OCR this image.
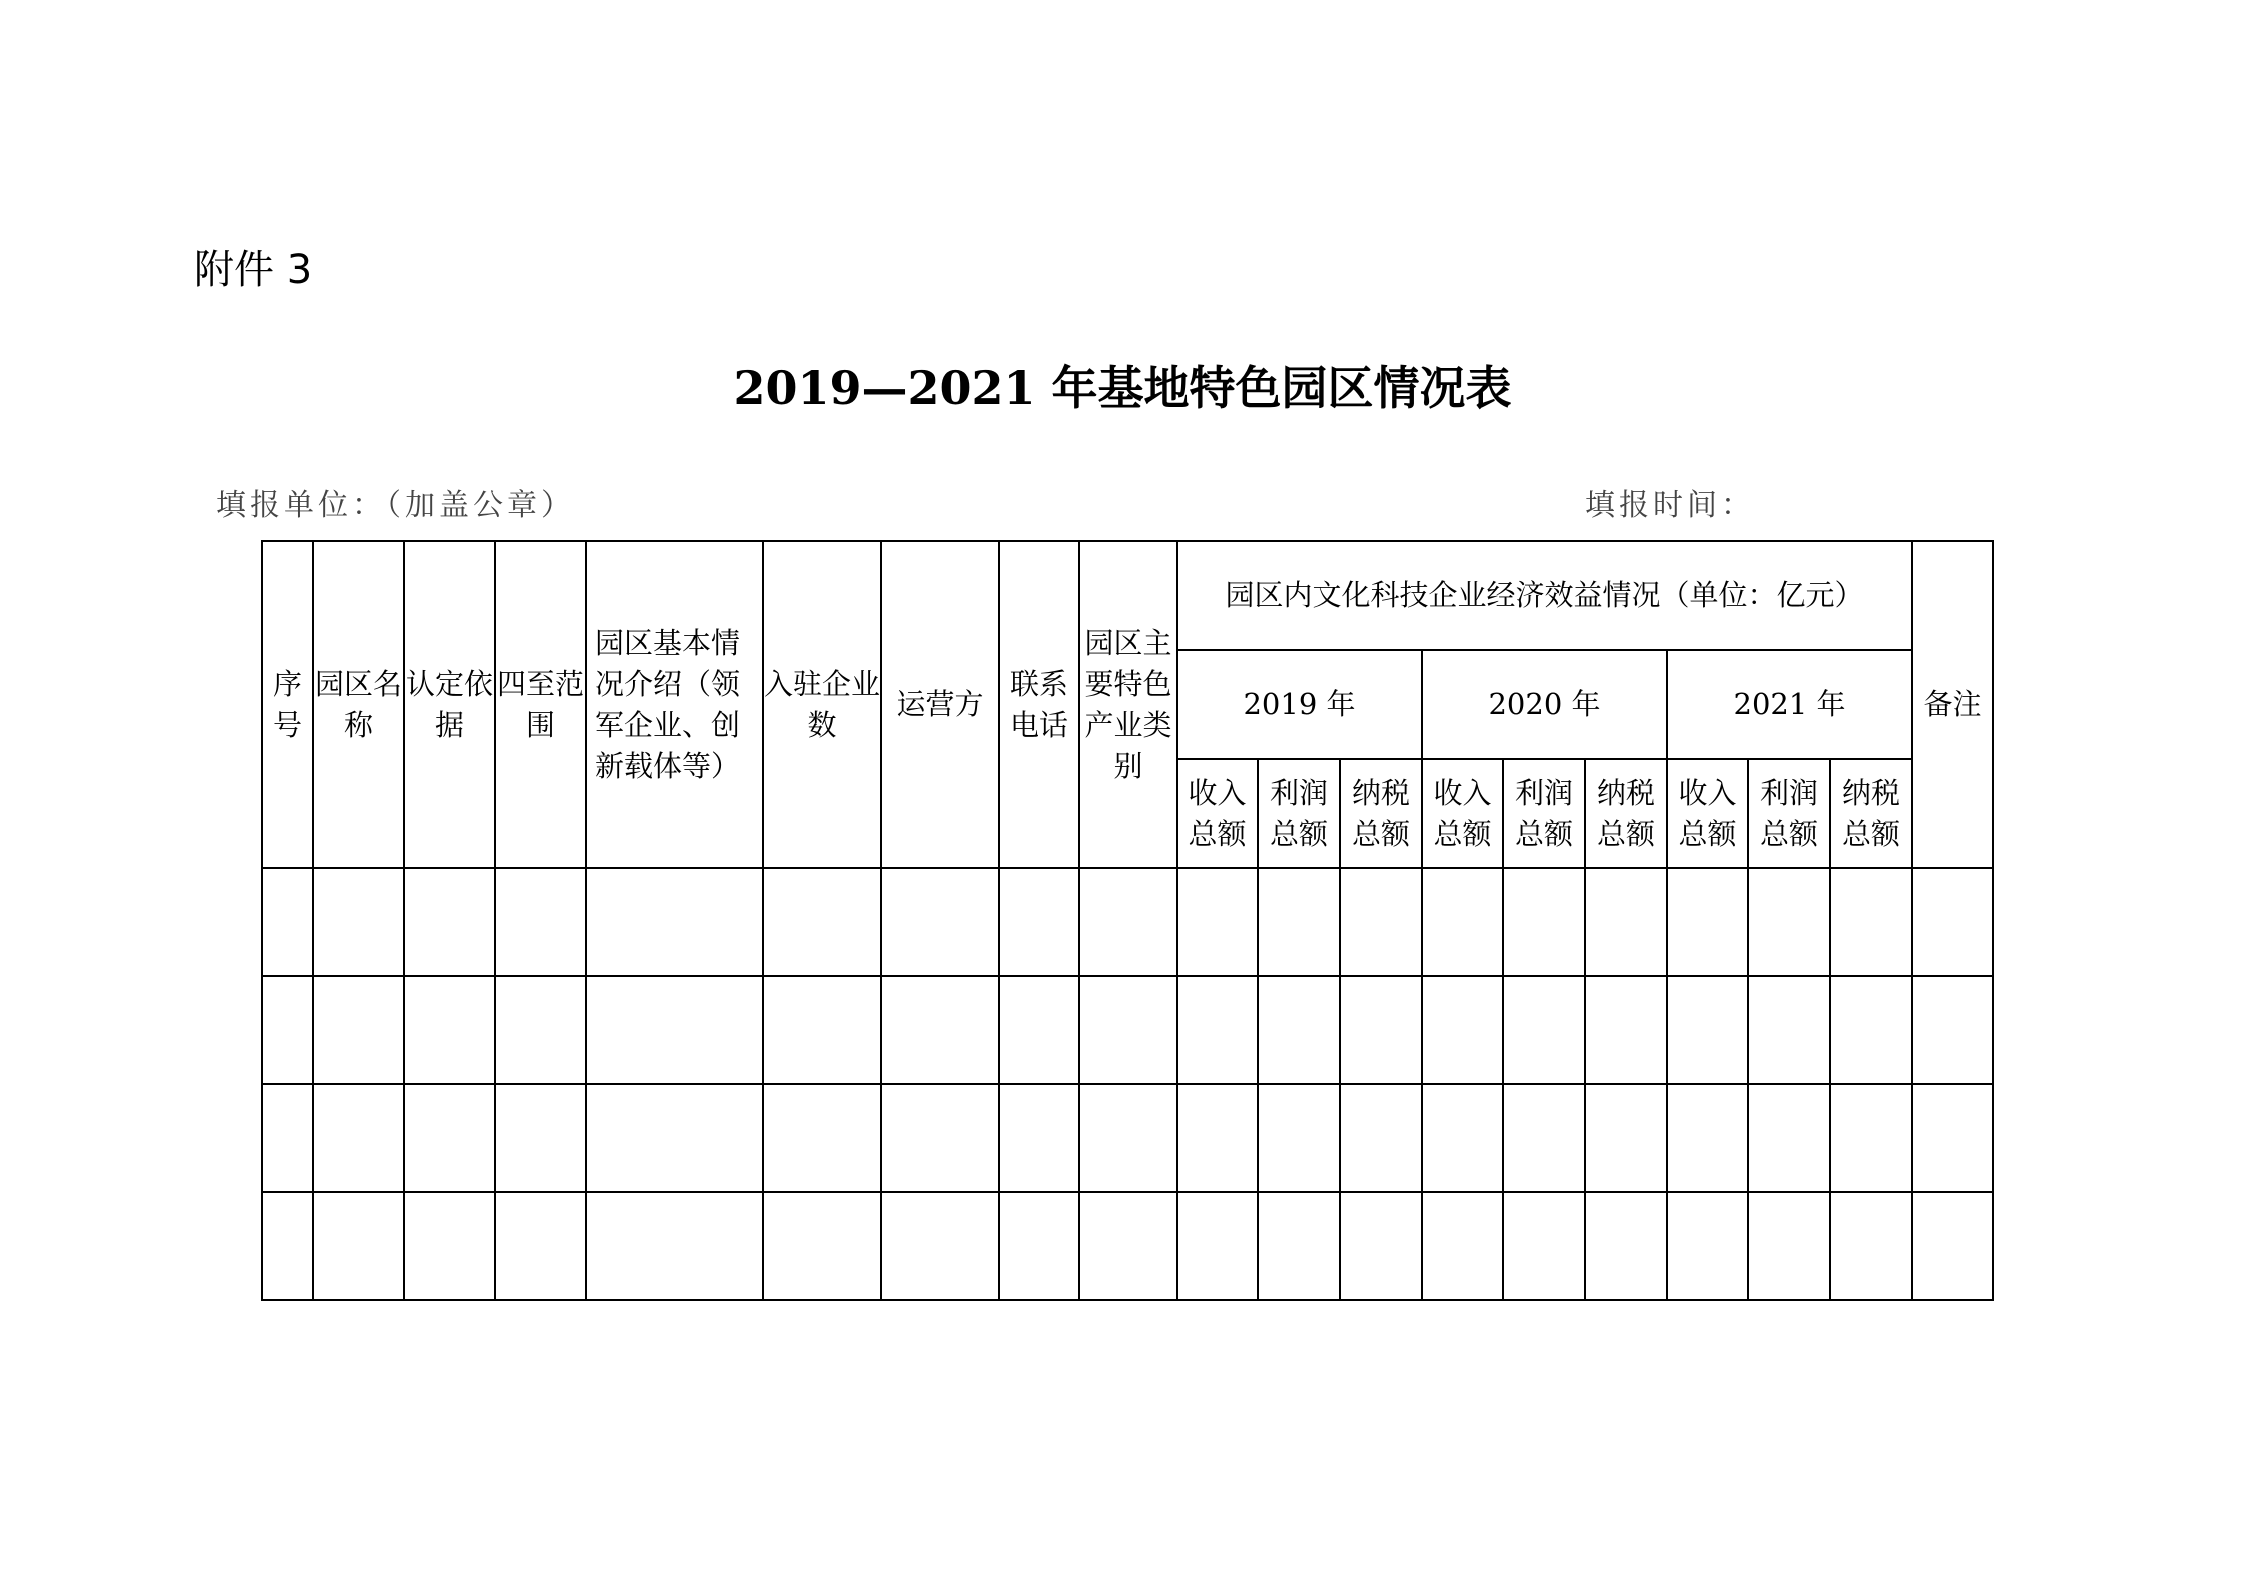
附件 3
2019—2021 年基地特色园区情况表
填报单位：（加盖公章）	填报时间：
序号	园区名称	认定依据	四至范围	园区基本情况介绍（领军企业、创新载体等）	入驻企业数	运营方	联系电话	园区主要特色产业类别	园区内文化科技企业经济效益情况（单位：亿元）									备注
									2019 年			2020 年			2021 年			
									收入总额	利润总额	纳税总额	收入总额	利润总额	纳税总额	收入总额	利润总额	纳税总额	
